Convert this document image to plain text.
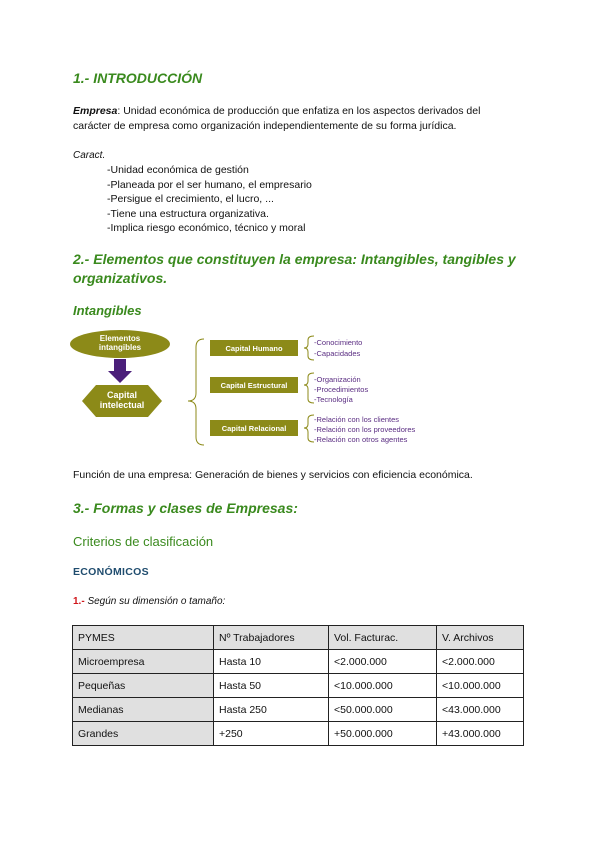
1.- INTRODUCCIÓN
Empresa: Unidad económica de producción que enfatiza en los aspectos derivados del carácter de empresa como organización independientemente de su forma jurídica.
Caract.
-Unidad económica de gestión
-Planeada por el ser humano, el empresario
-Persigue el crecimiento, el lucro, ...
-Tiene una estructura organizativa.
-Implica riesgo económico, técnico y moral
2.- Elementos que constituyen la empresa: Intangibles, tangibles y
organizativos.
Intangibles
Elementos
intangibles
Capital
intelectual
Capital Humano
Capital Estructural
Capital Relacional
-Conocimiento
-Capacidades
-Organización
-Procedimientos
-Tecnología
-Relación con los clientes
-Relación con los proveedores
-Relación con otros agentes
Función de una empresa: Generación de bienes y servicios con eficiencia económica.
3.- Formas y clases de Empresas:
Criterios de clasificación
ECONÓMICOS
1.- Según su dimensión o tamaño:
PYMES	Nº Trabajadores	Vol. Facturac.	V. Archivos
Microempresa	Hasta 10	<2.000.000	<2.000.000
Pequeñas	Hasta 50	<10.000.000	<10.000.000
Medianas	Hasta 250	<50.000.000	<43.000.000
Grandes	+250	+50.000.000	+43.000.000
